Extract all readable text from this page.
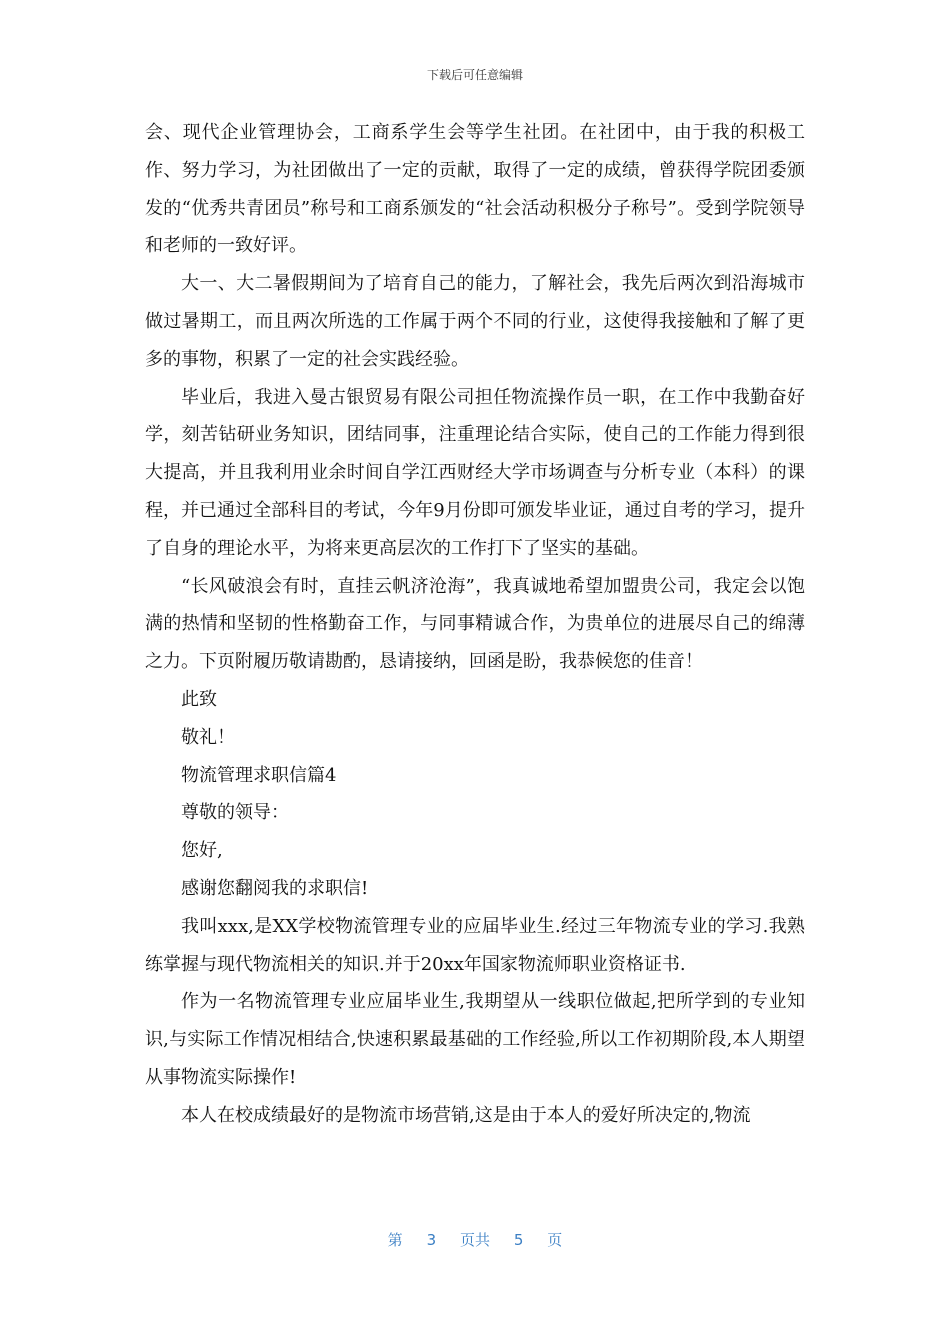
下载后可任意编辑

会、现代企业管理协会，工商系学生会等学生社团。在社团中，由于我的积极工作、努力学习，为社团做出了一定的贡献，取得了一定的成绩，曾获得学院团委颁发的“优秀共青团员”称号和工商系颁发的“社会活动积极分子称号”。受到学院领导和老师的一致好评。

大一、大二暑假期间为了培育自己的能力，了解社会，我先后两次到沿海城市做过暑期工，而且两次所选的工作属于两个不同的行业，这使得我接触和了解了更多的事物，积累了一定的社会实践经验。

毕业后，我进入曼古银贸易有限公司担任物流操作员一职，在工作中我勤奋好学，刻苦钻研业务知识，团结同事，注重理论结合实际，使自己的工作能力得到很大提高，并且我利用业余时间自学江西财经大学市场调查与分析专业（本科）的课程，并已通过全部科目的考试，今年9月份即可颁发毕业证，通过自考的学习，提升了自身的理论水平，为将来更高层次的工作打下了坚实的基础。

“长风破浪会有时，直挂云帆济沧海”，我真诚地希望加盟贵公司，我定会以饱满的热情和坚韧的性格勤奋工作，与同事精诚合作，为贵单位的进展尽自己的绵薄之力。下页附履历敬请勘酌，恳请接纳，回函是盼，我恭候您的佳音！

此致

敬礼！

物流管理求职信篇4

尊敬的领导：

您好,

感谢您翻阅我的求职信!

我叫xxx,是XX学校物流管理专业的应届毕业生.经过三年物流专业的学习.我熟练掌握与现代物流相关的知识.并于20xx年国家物流师职业资格证书.

作为一名物流管理专业应届毕业生,我期望从一线职位做起,把所学到的专业知识,与实际工作情况相结合,快速积累最基础的工作经验,所以工作初期阶段,本人期望从事物流实际操作!

本人在校成绩最好的是物流市场营销,这是由于本人的爱好所决定的,物流

第 3 页共 5 页
